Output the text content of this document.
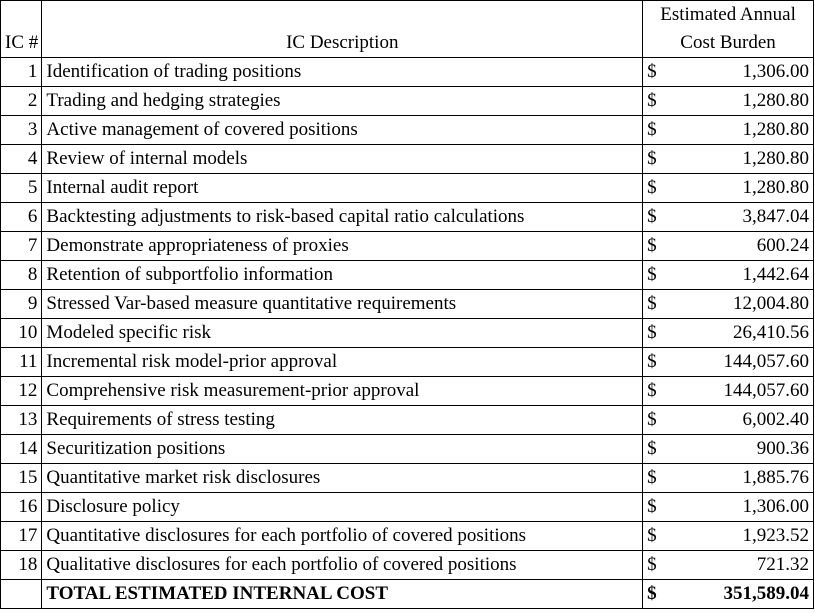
IC #	IC Description	Estimated Annual
Cost Burden

1	Identification of trading positions	$ 1,306.00

2	Trading and hedging strategies	$ 1,280.80

3	Active management of covered positions	$ 1,280.80

4	Review of internal models	$ 1,280.80

5	Internal audit report	$ 1,280.80

6	Backtesting adjustments to risk-based capital ratio calculations	$ 3,847.04

7	Demonstrate appropriateness of proxies	$ 600.24

8	Retention of subportfolio information	$ 1,442.64

9	Stressed Var-based measure quantitative requirements	$ 12,004.80

10	Modeled specific risk	$ 26,410.56

11	Incremental risk model-prior approval	$ 144,057.60

12	Comprehensive risk measurement-prior approval	$ 144,057.60

13	Requirements of stress testing	$ 6,002.40

14	Securitization positions	$ 900.36

15	Quantitative market risk disclosures	$ 1,885.76

16	Disclosure policy	$ 1,306.00

17	Quantitative disclosures for each portfolio of covered positions	$ 1,923.52

18	Qualitative disclosures for each portfolio of covered positions	$ 721.32

	TOTAL ESTIMATED INTERNAL COST	$ 351,589.04
